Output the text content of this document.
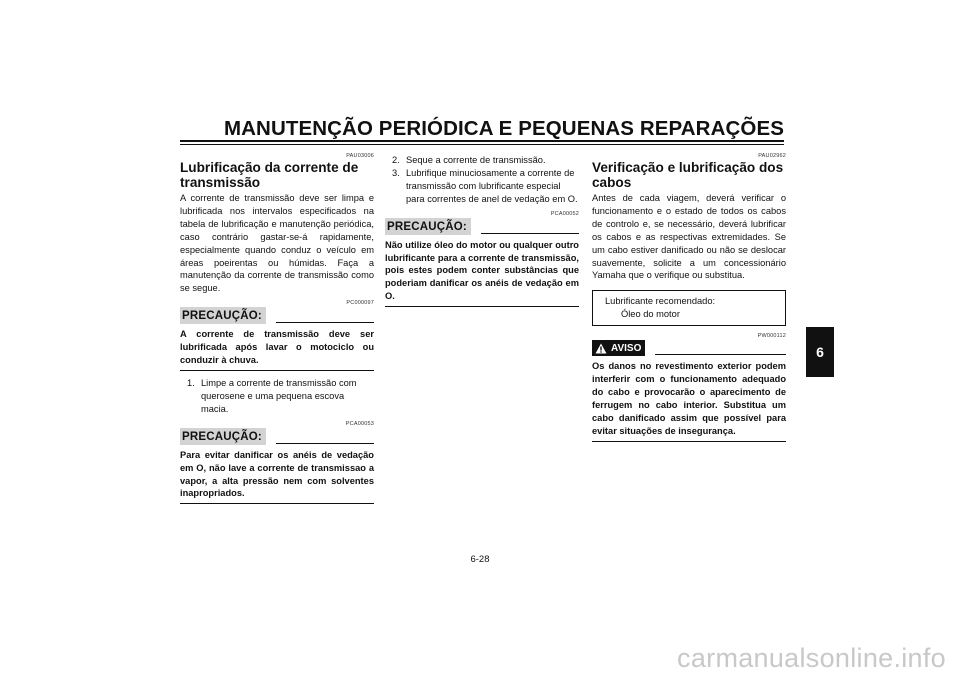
MANUTENÇÃO PERIÓDICA E PEQUENAS REPARAÇÕES
6
PAU03006
Lubrificação da corrente de transmissão

A corrente de transmissão deve ser limpa e lubrificada nos intervalos especificados na tabela de lubrificação e manutenção periódica, caso contrário gastar-se-á rapidamente, especialmente quando conduz o veículo em áreas poeirentas ou húmidas. Faça a manutenção da corrente de transmissão como se segue.

PC000097
PRECAUÇÃO:

A corrente de transmissão deve ser lubrificada após lavar o motociclo ou conduzir à chuva.

1. Limpe a corrente de transmissão com querosene e uma pequena escova macia.
PCA00053
PRECAUÇÃO:

Para evitar danificar os anéis de vedação em O, não lave a corrente de transmissao a vapor, a alta pressão nem com solventes inapropriados.

2. Seque a corrente de transmissão.
3. Lubrifique minuciosamente a corrente de transmissão com lubrificante especial para correntes de anel de vedação em O.
PCA00052
PRECAUÇÃO:

Não utilize óleo do motor ou qualquer outro lubrificante para a corrente de transmissão, pois estes podem conter substâncias que poderiam danificar os anéis de vedação em O.

PAU02962
Verificação e lubrificação dos cabos

Antes de cada viagem, deverá verificar o funcionamento e o estado de todos os cabos de controlo e, se necessário, deverá lubrificar os cabos e as respectivas extremidades. Se um cabo estiver danificado ou não se deslocar suavemente, solicite a um concessionário Yamaha que o verifique ou substitua.

Lubrificante recomendado:
Óleo do motor
PW000112
AVISO

Os danos no revestimento exterior podem interferir com o funcionamento adequado do cabo e provocarão o aparecimento de ferrugem no cabo interior. Substitua um cabo danificado assim que possível para evitar situações de insegurança.

6-28
carmanualsonline.info
